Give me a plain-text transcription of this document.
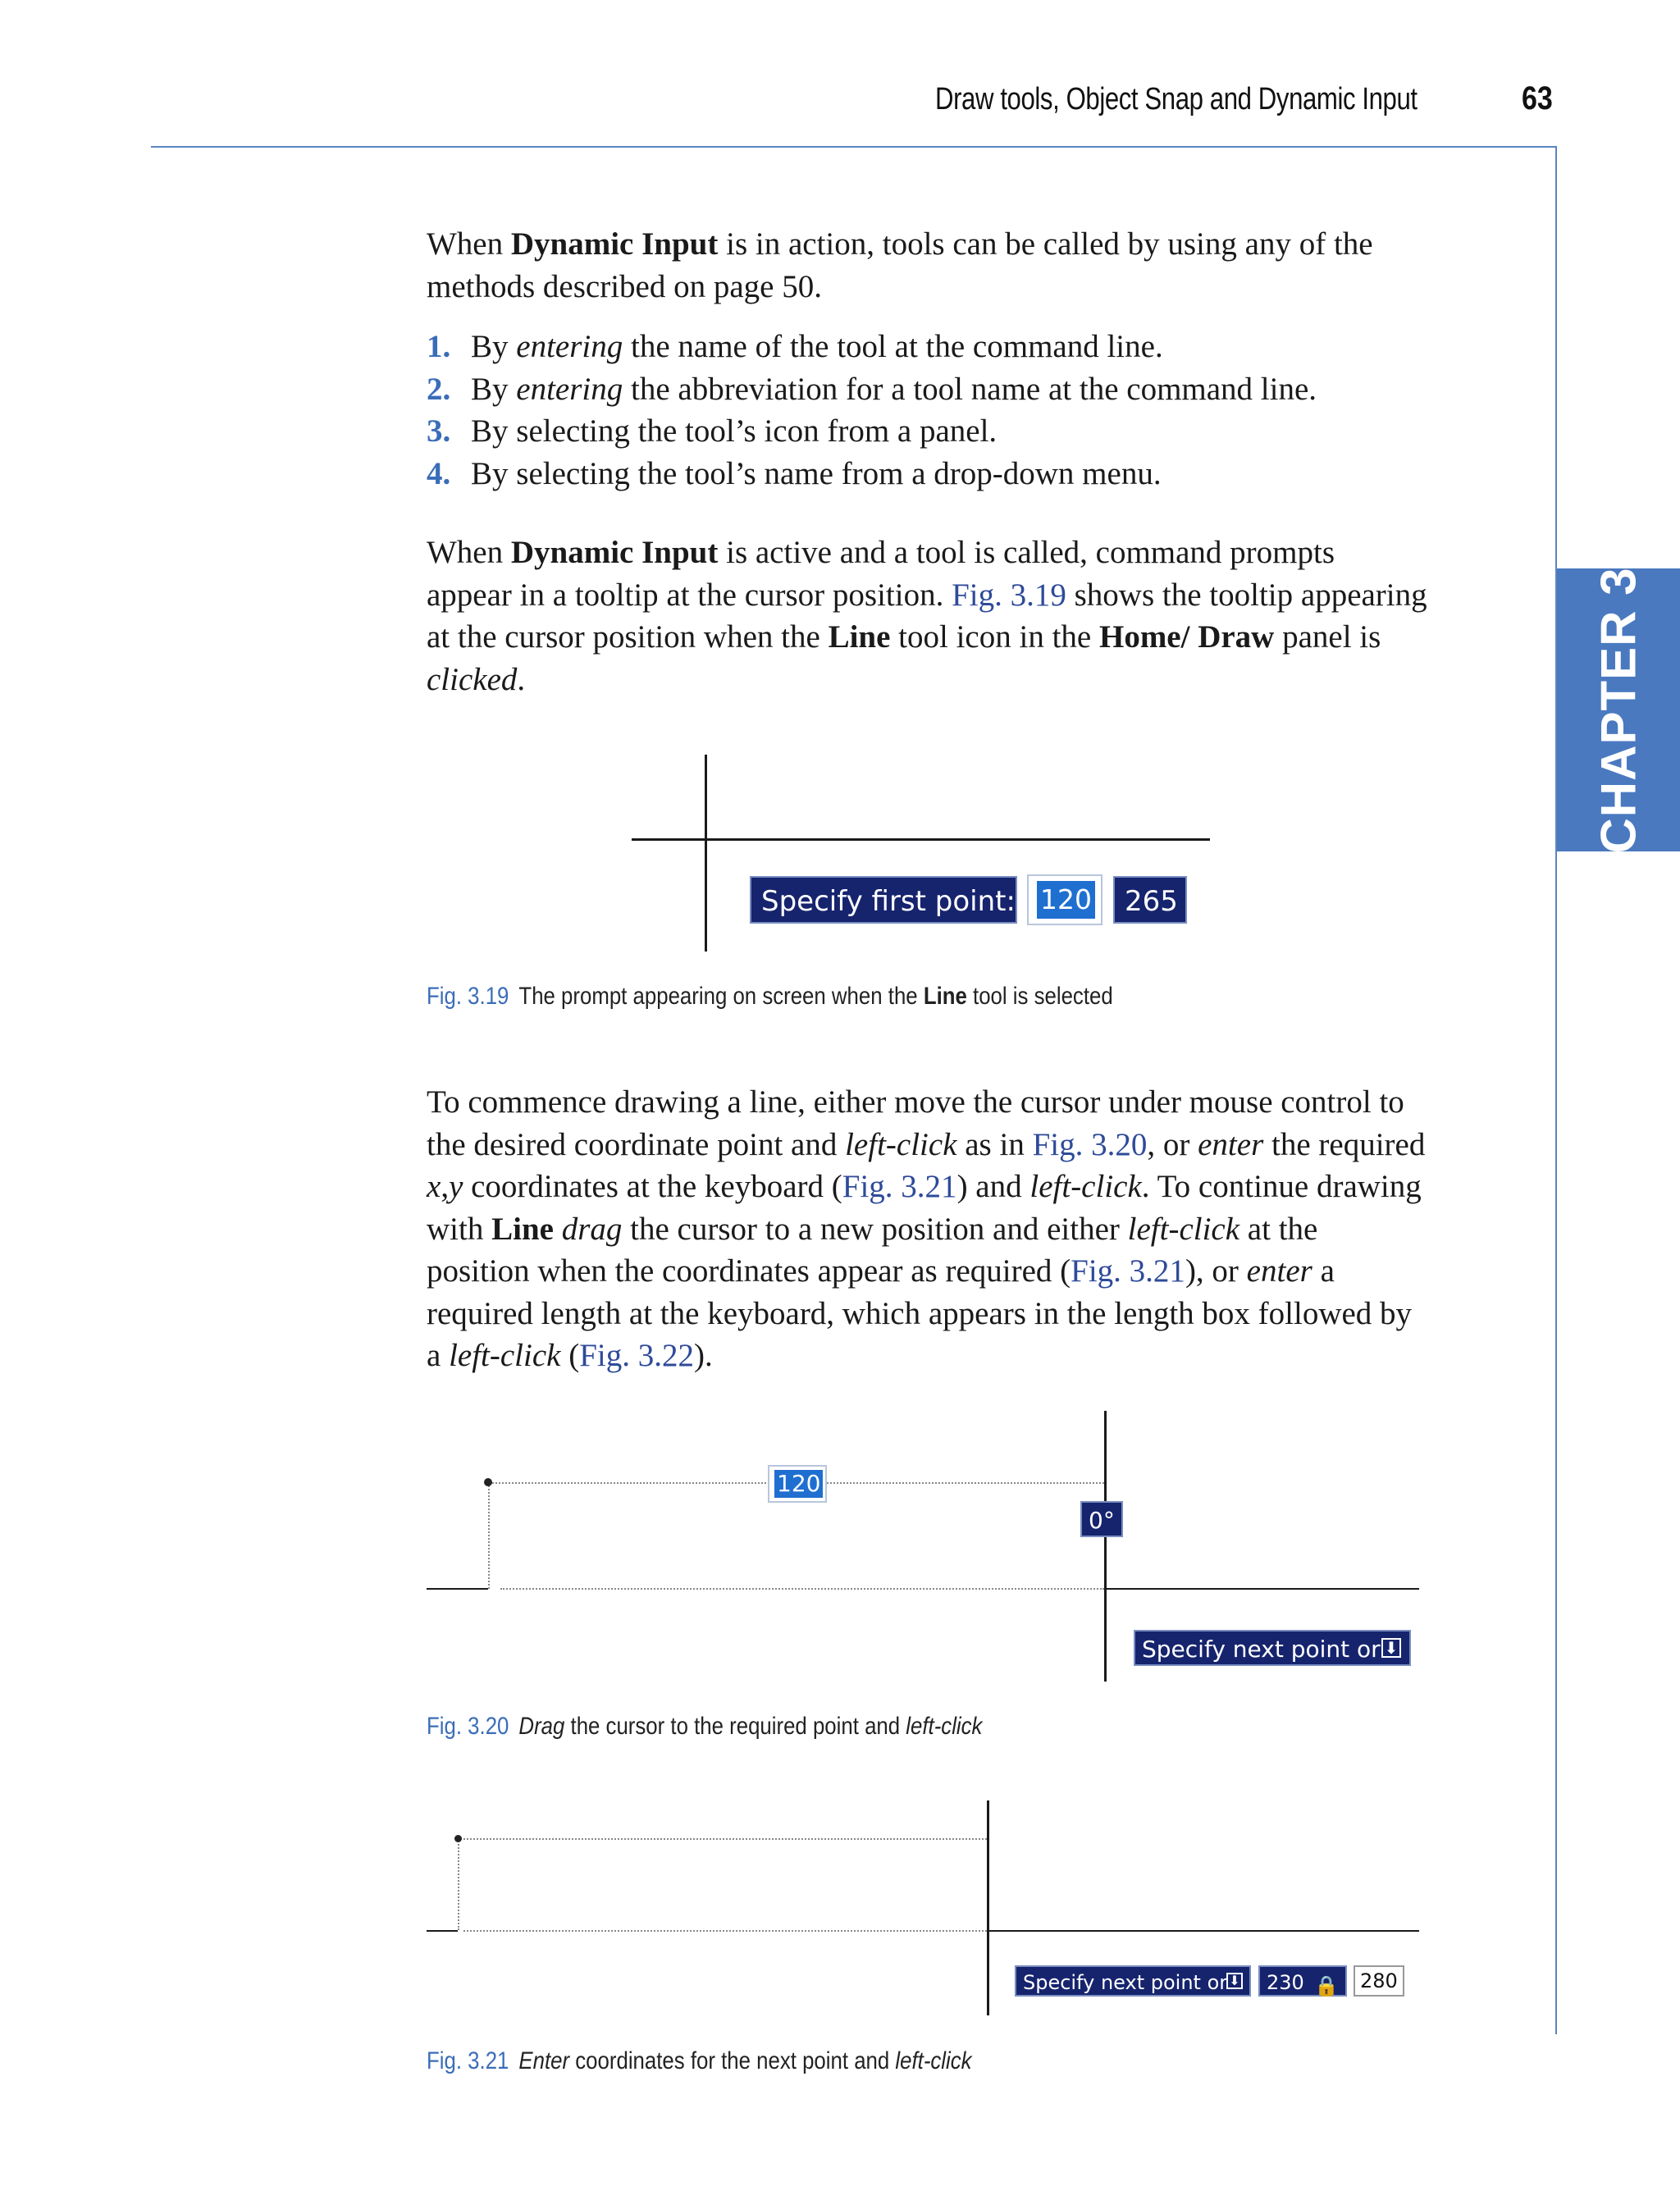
Draw tools, Object Snap and Dynamic Input	63
CHAPTER 3

When Dynamic Input is in action, tools can be called by using any of the methods described on page 50.

1. By entering the name of the tool at the command line.
2. By entering the abbreviation for a tool name at the command line.
3. By selecting the tool’s icon from a panel.
4. By selecting the tool’s name from a drop-down menu.

When Dynamic Input is active and a tool is called, command prompts appear in a tooltip at the cursor position. Fig. 3.19 shows the tooltip appearing at the cursor position when the Line tool icon in the Home/ Draw panel is clicked.

Specify first point: 120	265
Fig. 3.19 The prompt appearing on screen when the Line tool is selected

To commence drawing a line, either move the cursor under mouse control to the desired coordinate point and left-click as in Fig. 3.20, or enter the required x,y coordinates at the keyboard (Fig. 3.21) and left-click. To continue drawing with Line drag the cursor to a new position and either left-click at the position when the coordinates appear as required (Fig. 3.21), or enter a required length at the keyboard, which appears in the length box followed by a left-click (Fig. 3.22).

120
0°
Specify next point or ⬇
Fig. 3.20 Drag the cursor to the required point and left-click
Specify next point or ⬇	230 🔒	280
Fig. 3.21 Enter coordinates for the next point and left-click
